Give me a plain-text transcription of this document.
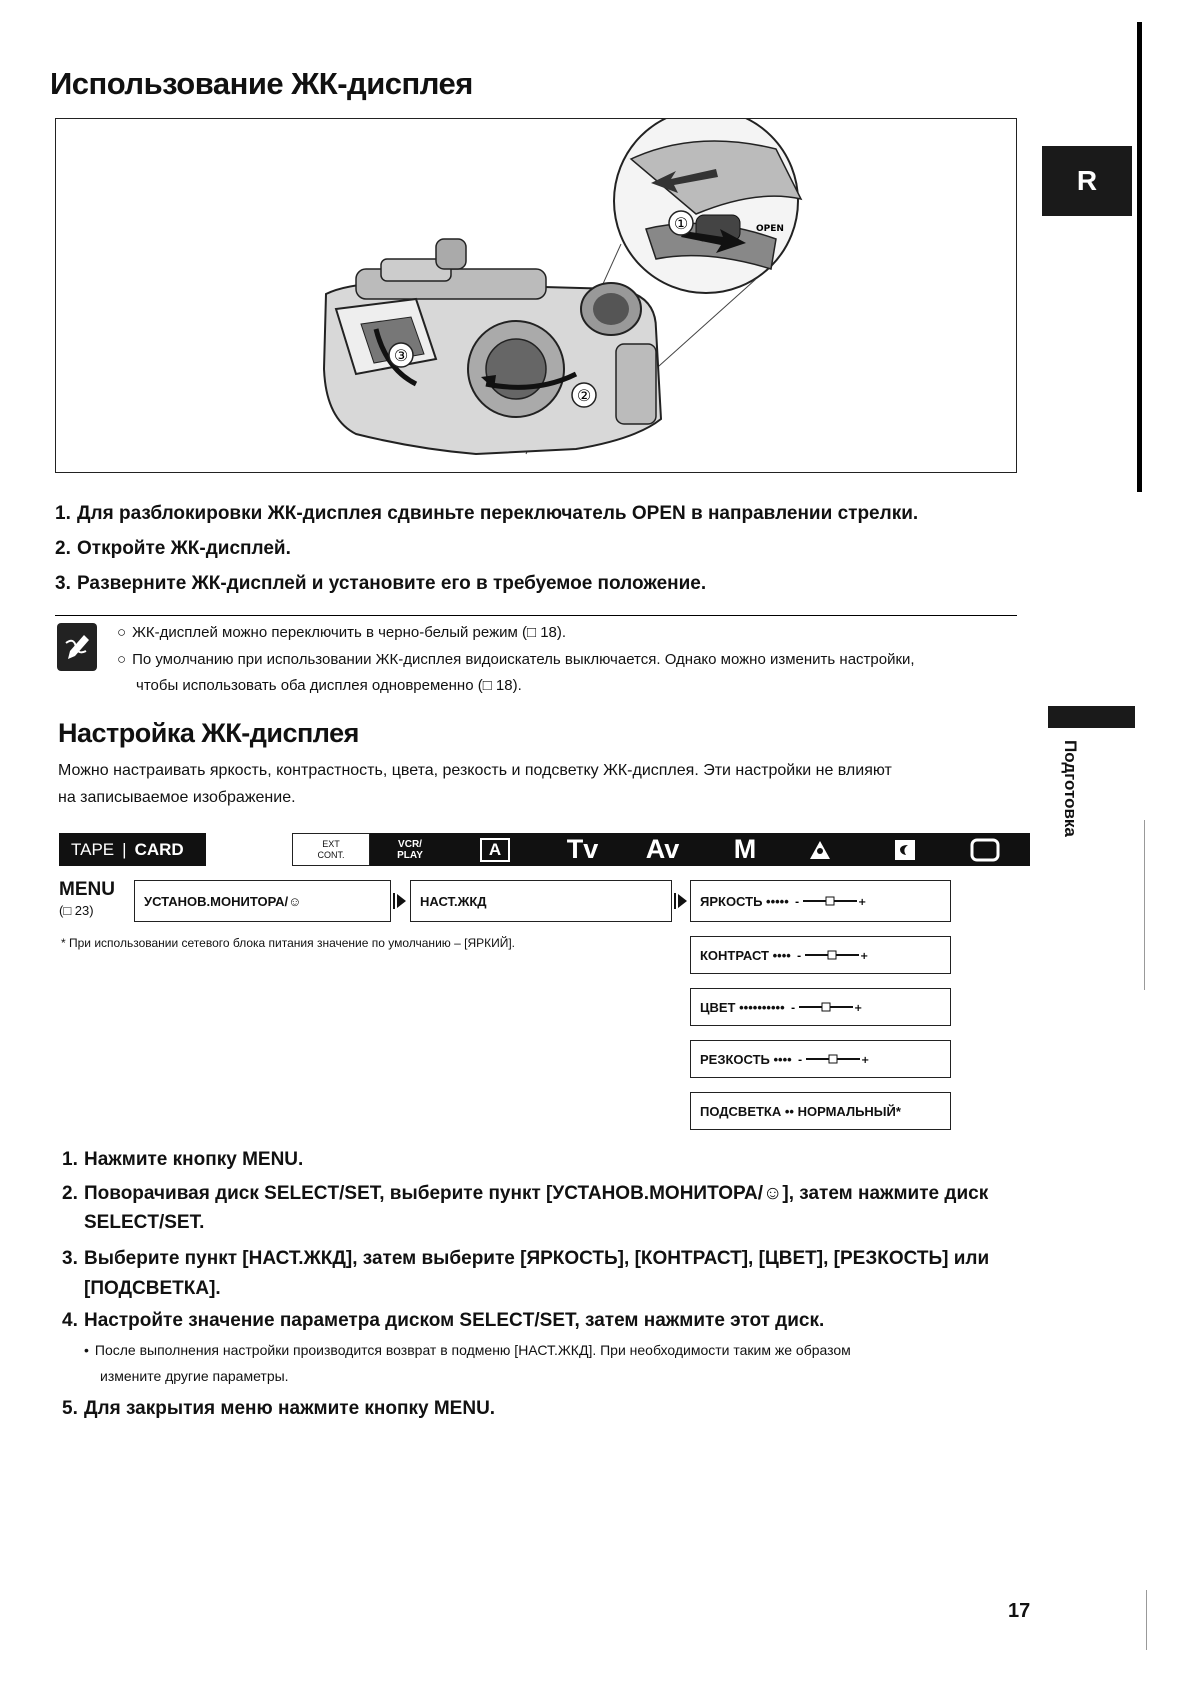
R
Подготовка
Использование ЖК-дисплея
①	OPEN
②
③
1. Для разблокировки ЖК-дисплея сдвиньте переключатель OPEN в направлении стрелки.
2. Откройте ЖК-дисплей.
3. Разверните ЖК-дисплей и установите его в требуемое положение.
○ ЖК-дисплей можно переключить в черно-белый режим (□ 18).
○ По умолчанию при использовании ЖК-дисплея видоискатель выключается. Однако можно изменить настройки,
чтобы использовать оба дисплея одновременно (□ 18).
Настройка ЖК-дисплея
Можно настраивать яркость, контрастность, цвета, резкость и подсветку ЖК-дисплея. Эти настройки не влияют
на записываемое изображение.
TAPE | CARD	EXT
CONT.
VCR/
PLAY	A	Tv	Av	M
MENU
(□ 23)
УСТАНОВ.МОНИТОРА/☺	НАСТ.ЖКД
* При использовании сетевого блока питания значение по умолчанию – [ЯРКИЙ].
ЯРКОСТЬ ••••• -	+
КОНТРАСТ •••• -	+
ЦВЕТ •••••••••• -	+
РЕЗКОСТЬ •••• -	+
ПОДСВЕТКА •• НОРМАЛЬНЫЙ*
1. Нажмите кнопку MENU.
2. Поворачивая диск SELECT/SET, выберите пункт [УСТАНОВ.МОНИТОРА/☺], затем нажмите диск
SELECT/SET.
3. Выберите пункт [НАСТ.ЖКД], затем выберите [ЯРКОСТЬ], [КОНТРАСТ], [ЦВЕТ], [РЕЗКОСТЬ] или
[ПОДСВЕТКА].
4. Настройте значение параметра диском SELECT/SET, затем нажмите этот диск.
• После выполнения настройки производится возврат в подменю [НАСТ.ЖКД]. При необходимости таким же образом
измените другие параметры.
5. Для закрытия меню нажмите кнопку MENU.
17
